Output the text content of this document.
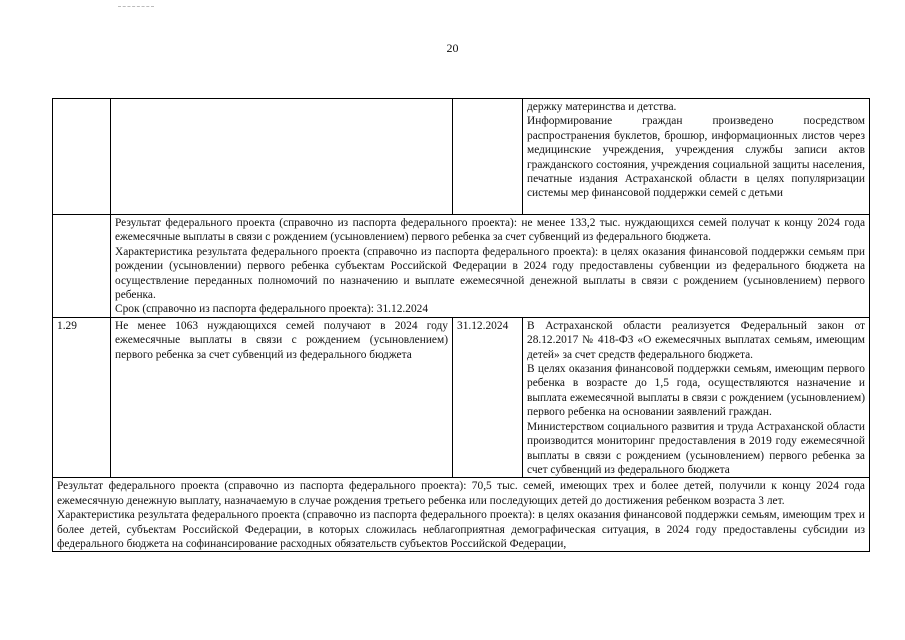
20

			держку материнства и детства.

Информирование граждан произведено посредством распространения буклетов, брошюр, информационных листов через медицинские учреждения, учреждения службы записи актов гражданского состояния, учреждения социальной защиты населения, печатные издания Астраханской области в целях популяризации системы мер финансовой поддержки семей с детьми

	Результат федерального проекта (справочно из паспорта федерального проекта): не менее 133,2 тыс. нуждающихся семей получат к концу 2024 года ежемесячные выплаты в связи с рождением (усыновлением) первого ребенка за счет субвенций из федерального бюджета.

Характеристика результата федерального проекта (справочно из паспорта федерального проекта): в целях оказания финансовой поддержки семьям при рождении (усыновлении) первого ребенка субъектам Российской Федерации в 2024 году предоставлены субвенции из федерального бюджета на осуществление переданных полномочий по назначению и выплате ежемесячной денежной выплаты в связи с рождением (усыновлением) первого ребенка.

Срок (справочно из паспорта федерального проекта): 31.12.2024		

1.29	Не менее 1063 нуждающихся семей получают в 2024 году ежемесячные выплаты в связи с рождением (усыновлением) первого ребенка за счет субвенций из федерального бюджета	31.12.2024	В Астраханской области реализуется Федеральный закон от 28.12.2017 № 418-ФЗ «О ежемесячных выплатах семьям, имеющим детей» за счет средств федерального бюджета.

В целях оказания финансовой поддержки семьям, имеющим первого ребенка в возрасте до 1,5 года, осуществляются назначение и выплата ежемесячной выплаты в связи с рождением (усыновлением) первого ребенка на основании заявлений граждан.

Министерством социального развития и труда Астраханской области производится мониторинг предоставления в 2019 году ежемесячной выплаты в связи с рождением (усыновлением) первого ребенка за счет субвенций из федерального бюджета

Результат федерального проекта (справочно из паспорта федерального проекта): 70,5 тыс. семей, имеющих трех и более детей, получили к концу 2024 года ежемесячную денежную выплату, назначаемую в случае рождения третьего ребенка или последующих детей до достижения ребенком возраста 3 лет.

Характеристика результата федерального проекта (справочно из паспорта федерального проекта): в целях оказания финансовой поддержки семьям, имеющим трех и более детей, субъектам Российской Федерации, в которых сложилась неблагоприятная демографическая ситуация, в 2024 году предоставлены субсидии из федерального бюджета на софинансирование расходных обязательств субъектов Российской Федерации,			
